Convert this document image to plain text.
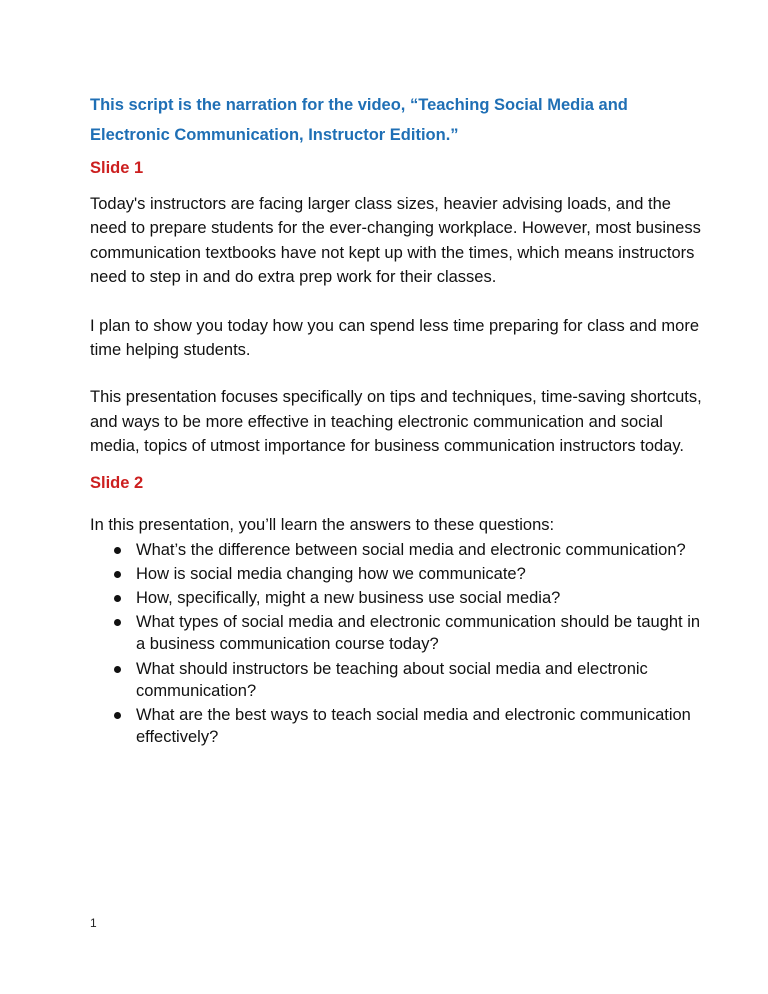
This script is the narration for the video, “Teaching Social Media and
Electronic Communication, Instructor Edition.”
Slide 1

Today's instructors are facing larger class sizes, heavier advising loads, and the need to prepare students for the ever-changing workplace. However, most business communication textbooks have not kept up with the times, which means instructors need to step in and do extra prep work for their classes.

I plan to show you today how you can spend less time preparing for class and more time helping students.

This presentation focuses specifically on tips and techniques, time-saving shortcuts, and ways to be more effective in teaching electronic communication and social media, topics of utmost importance for business communication instructors today.

Slide 2

In this presentation, you’ll learn the answers to these questions:

What’s the difference between social media and electronic communication?
How is social media changing how we communicate?
How, specifically, might a new business use social media?
What types of social media and electronic communication should be taught in a business communication course today?
What should instructors be teaching about social media and electronic communication?
What are the best ways to teach social media and electronic communication effectively?
1
